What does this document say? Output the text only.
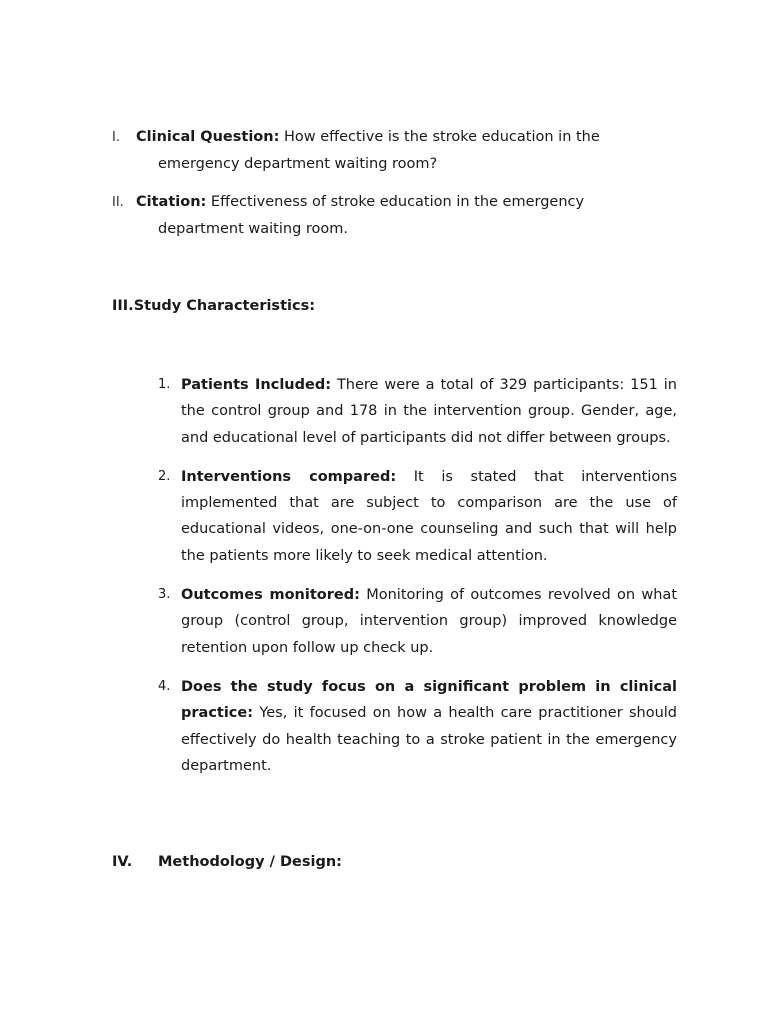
I. Clinical Question: How effective is the stroke education in the
emergency department waiting room?
II. Citation: Effectiveness of stroke education in the emergency
department waiting room.
III.Study Characteristics:
1. Patients Included: There were a total of 329 participants: 151 in the control group and 178 in the intervention group. Gender, age, and educational level of participants did not differ between groups.
2. Interventions compared: It is stated that interventions implemented that are subject to comparison are the use of educational videos, one-on-one counseling and such that will help the patients more likely to seek medical attention.
3. Outcomes monitored: Monitoring of outcomes revolved on what group (control group, intervention group) improved knowledge retention upon follow up check up.
4. Does the study focus on a significant problem in clinical practice: Yes, it focused on how a health care practitioner should effectively do health teaching to a stroke patient in the emergency department.
IV. Methodology / Design:
